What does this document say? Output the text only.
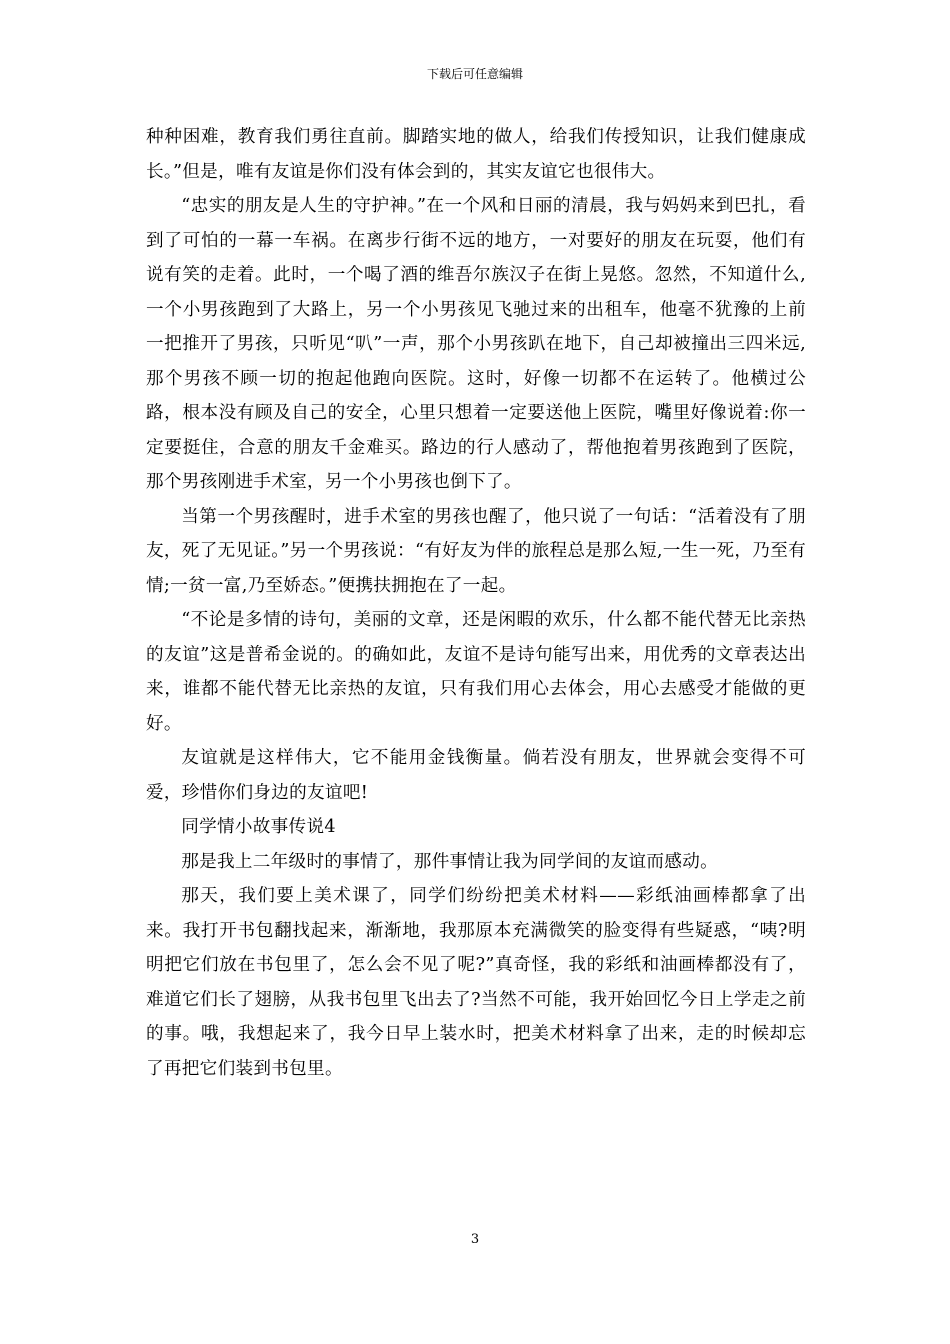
下载后可任意编辑

种种困难，教育我们勇往直前。脚踏实地的做人，给我们传授知识，让我们健康成长。”但是，唯有友谊是你们没有体会到的，其实友谊它也很伟大。

“忠实的朋友是人生的守护神。”在一个风和日丽的清晨，我与妈妈来到巴扎，看到了可怕的一幕一车祸。在离步行街不远的地方，一对要好的朋友在玩耍，他们有说有笑的走着。此时，一个喝了酒的维吾尔族汉子在街上晃悠。忽然，不知道什么,一个小男孩跑到了大路上，另一个小男孩见飞驰过来的出租车，他毫不犹豫的上前一把推开了男孩，只听见“叭”一声，那个小男孩趴在地下，自己却被撞出三四米远,那个男孩不顾一切的抱起他跑向医院。这时，好像一切都不在运转了。他横过公路，根本没有顾及自己的安全，心里只想着一定要送他上医院，嘴里好像说着:你一定要挺住，合意的朋友千金难买。路边的行人感动了，帮他抱着男孩跑到了医院，那个男孩刚进手术室，另一个小男孩也倒下了。

当第一个男孩醒时，进手术室的男孩也醒了，他只说了一句话：“活着没有了朋友，死了无见证。”另一个男孩说：“有好友为伴的旅程总是那么短,一生一死，乃至有情;一贫一富,乃至娇态。”便携扶拥抱在了一起。

“不论是多情的诗句，美丽的文章，还是闲暇的欢乐，什么都不能代替无比亲热的友谊”这是普希金说的。的确如此，友谊不是诗句能写出来，用优秀的文章表达出来，谁都不能代替无比亲热的友谊，只有我们用心去体会，用心去感受才能做的更好。

友谊就是这样伟大，它不能用金钱衡量。倘若没有朋友，世界就会变得不可爱，珍惜你们身边的友谊吧!

同学情小故事传说4

那是我上二年级时的事情了，那件事情让我为同学间的友谊而感动。

那天，我们要上美术课了，同学们纷纷把美术材料——彩纸油画棒都拿了出来。我打开书包翻找起来，渐渐地，我那原本充满微笑的脸变得有些疑惑，“咦?明明把它们放在书包里了，怎么会不见了呢?”真奇怪，我的彩纸和油画棒都没有了，难道它们长了翅膀，从我书包里飞出去了?当然不可能，我开始回忆今日上学走之前的事。哦，我想起来了，我今日早上装水时，把美术材料拿了出来，走的时候却忘了再把它们装到书包里。

3
